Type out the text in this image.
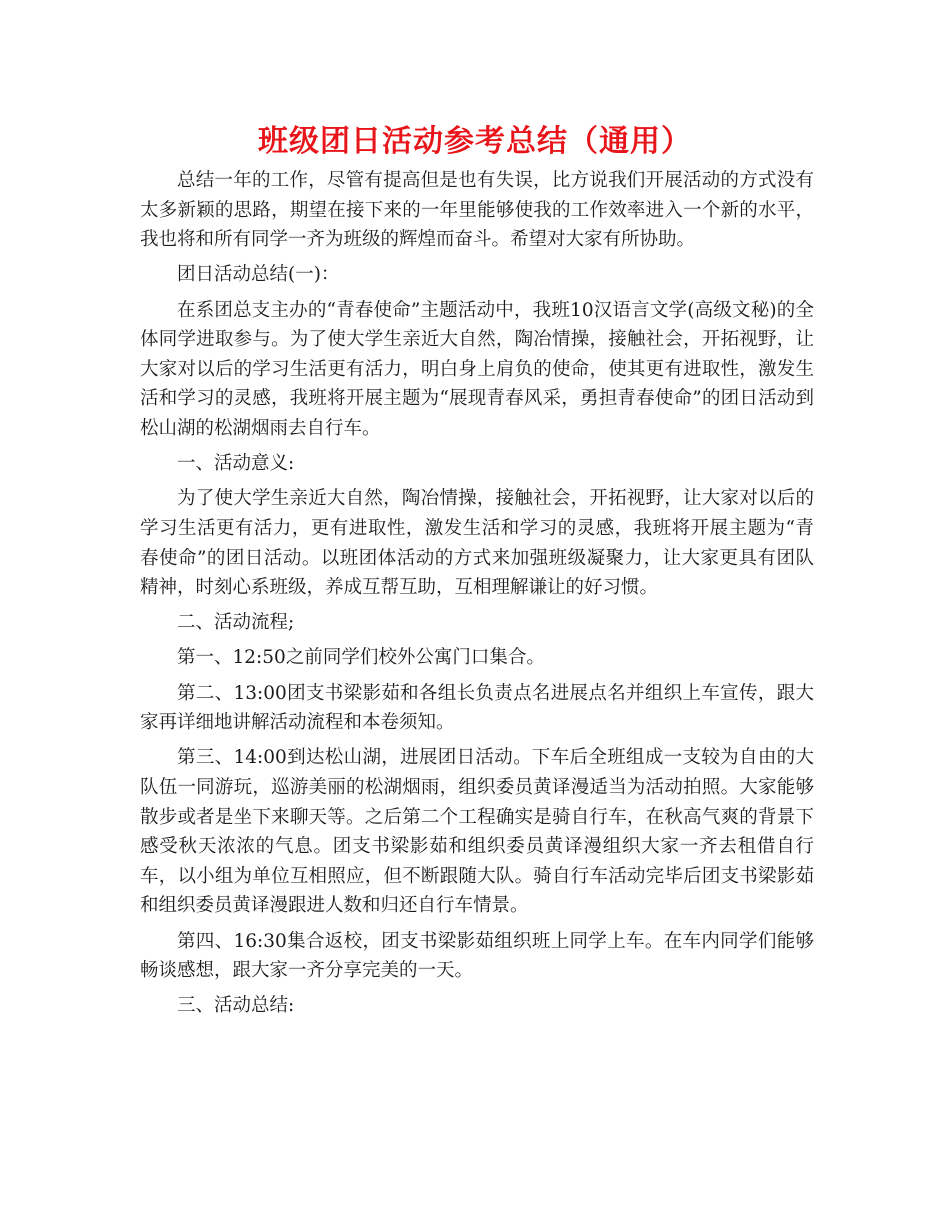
班级团日活动参考总结（通用）

总结一年的工作，尽管有提高但是也有失误，比方说我们开展活动的方式没有太多新颖的思路，期望在接下来的一年里能够使我的工作效率进入一个新的水平，我也将和所有同学一齐为班级的辉煌而奋斗。希望对大家有所协助。

团日活动总结(一)：

在系团总支主办的“青春使命”主题活动中，我班10汉语言文学(高级文秘)的全体同学进取参与。为了使大学生亲近大自然，陶冶情操，接触社会，开拓视野，让大家对以后的学习生活更有活力，明白身上肩负的使命，使其更有进取性，激发生活和学习的灵感，我班将开展主题为“展现青春风采，勇担青春使命”的团日活动到松山湖的松湖烟雨去自行车。

一、活动意义:

为了使大学生亲近大自然，陶冶情操，接触社会，开拓视野，让大家对以后的学习生活更有活力，更有进取性，激发生活和学习的灵感，我班将开展主题为“青春使命”的团日活动。以班团体活动的方式来加强班级凝聚力，让大家更具有团队精神，时刻心系班级，养成互帮互助，互相理解谦让的好习惯。

二、活动流程;

第一、12:50之前同学们校外公寓门口集合。

第二、13:00团支书梁影茹和各组长负责点名进展点名并组织上车宣传，跟大家再详细地讲解活动流程和本卷须知。

第三、14:00到达松山湖，进展团日活动。下车后全班组成一支较为自由的大队伍一同游玩，巡游美丽的松湖烟雨，组织委员黄译漫适当为活动拍照。大家能够散步或者是坐下来聊天等。之后第二个工程确实是骑自行车，在秋高气爽的背景下感受秋天浓浓的气息。团支书梁影茹和组织委员黄译漫组织大家一齐去租借自行车，以小组为单位互相照应，但不断跟随大队。骑自行车活动完毕后团支书梁影茹和组织委员黄译漫跟进人数和归还自行车情景。

第四、16:30集合返校，团支书梁影茹组织班上同学上车。在车内同学们能够畅谈感想，跟大家一齐分享完美的一天。

三、活动总结:
